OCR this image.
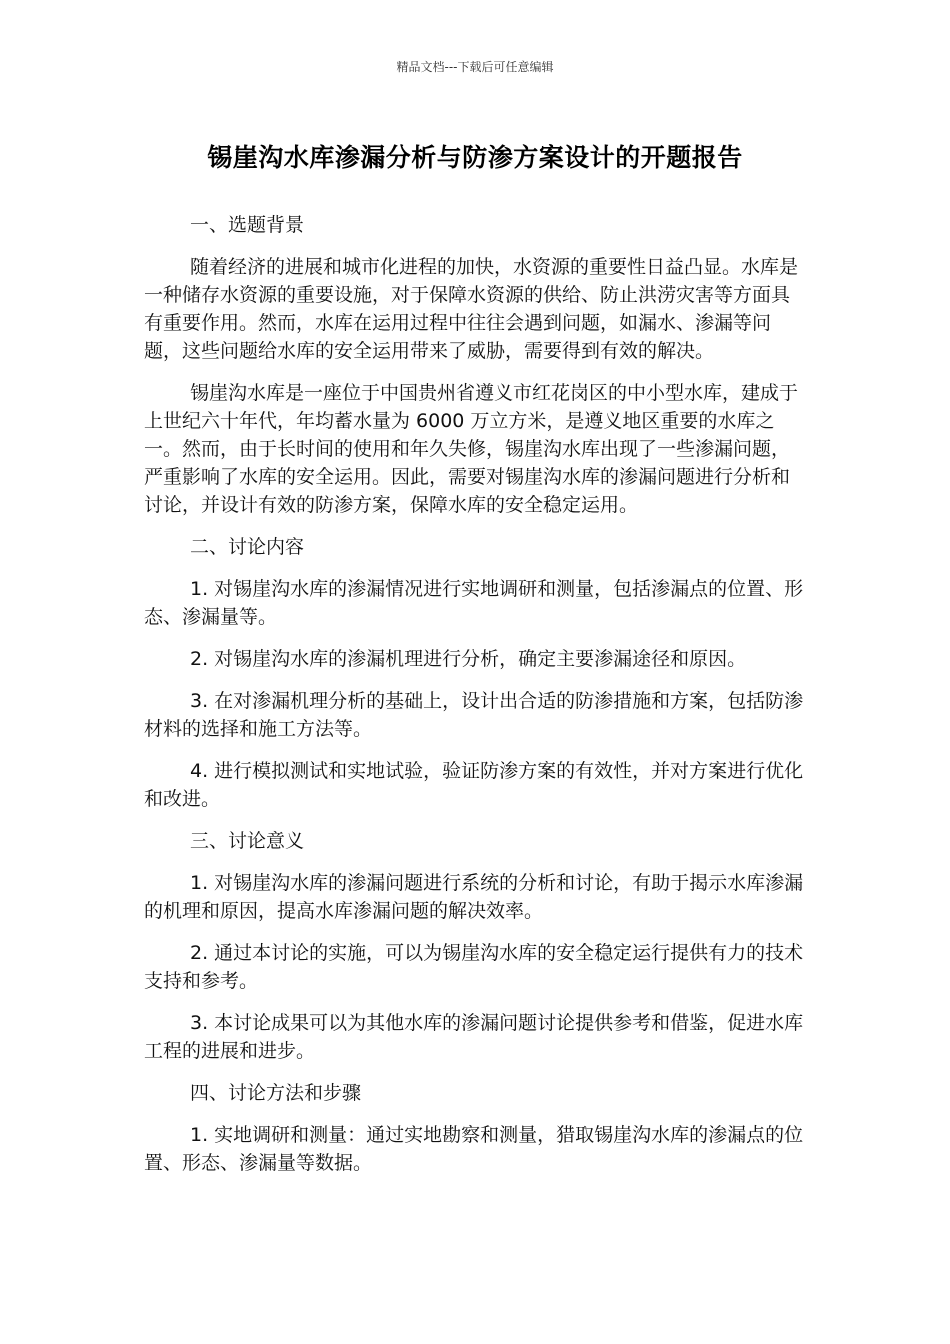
精品文档---下载后可任意编辑
锡崖沟水库渗漏分析与防渗方案设计的开题报告
一、选题背景
随着经济的进展和城市化进程的加快，水资源的重要性日益凸显。水库是一种储存水资源的重要设施，对于保障水资源的供给、防止洪涝灾害等方面具有重要作用。然而，水库在运用过程中往往会遇到问题，如漏水、渗漏等问题，这些问题给水库的安全运用带来了威胁，需要得到有效的解决。
锡崖沟水库是一座位于中国贵州省遵义市红花岗区的中小型水库，建成于上世纪六十年代，年均蓄水量为 6000 万立方米，是遵义地区重要的水库之一。然而，由于长时间的使用和年久失修，锡崖沟水库出现了一些渗漏问题，严重影响了水库的安全运用。因此，需要对锡崖沟水库的渗漏问题进行分析和讨论，并设计有效的防渗方案，保障水库的安全稳定运用。
二、讨论内容
1. 对锡崖沟水库的渗漏情况进行实地调研和测量，包括渗漏点的位置、形态、渗漏量等。
2. 对锡崖沟水库的渗漏机理进行分析，确定主要渗漏途径和原因。
3. 在对渗漏机理分析的基础上，设计出合适的防渗措施和方案，包括防渗材料的选择和施工方法等。
4. 进行模拟测试和实地试验，验证防渗方案的有效性，并对方案进行优化和改进。
三、讨论意义
1. 对锡崖沟水库的渗漏问题进行系统的分析和讨论，有助于揭示水库渗漏的机理和原因，提高水库渗漏问题的解决效率。
2. 通过本讨论的实施，可以为锡崖沟水库的安全稳定运行提供有力的技术支持和参考。
3. 本讨论成果可以为其他水库的渗漏问题讨论提供参考和借鉴，促进水库工程的进展和进步。
四、讨论方法和步骤
1. 实地调研和测量：通过实地勘察和测量，猎取锡崖沟水库的渗漏点的位置、形态、渗漏量等数据。
